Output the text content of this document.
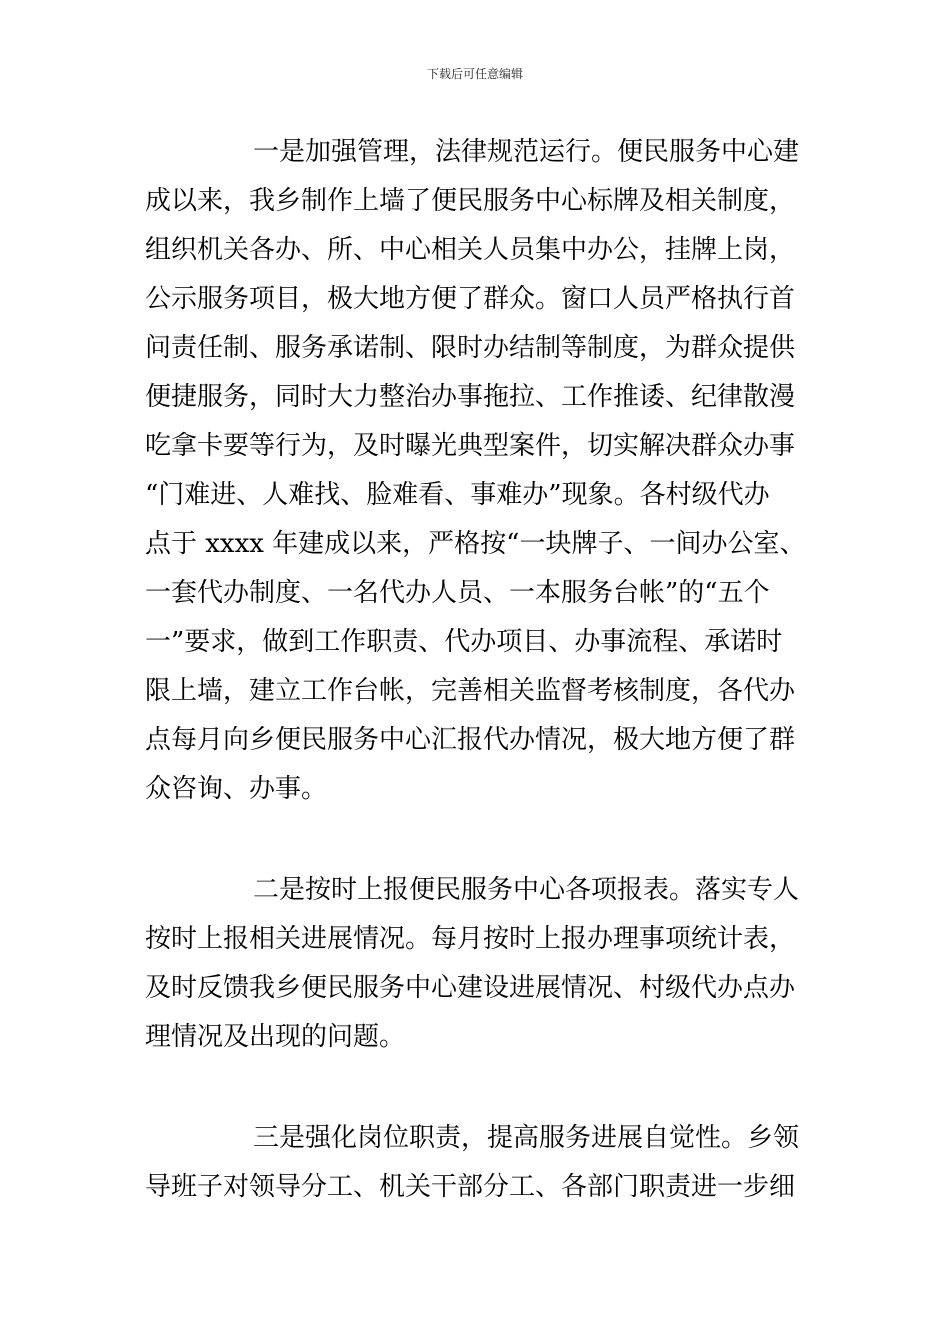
下载后可任意编辑
一是加强管理，法律规范运行。便民服务中心建
成以来，我乡制作上墙了便民服务中心标牌及相关制度，
组织机关各办、所、中心相关人员集中办公，挂牌上岗，
公示服务项目，极大地方便了群众。窗口人员严格执行首
问责任制、服务承诺制、限时办结制等制度，为群众提供
便捷服务，同时大力整治办事拖拉、工作推诿、纪律散漫
吃拿卡要等行为，及时曝光典型案件，切实解决群众办事
“门难进、人难找、脸难看、事难办”现象。各村级代办
点于 xxxx 年建成以来，严格按“一块牌子、一间办公室、
一套代办制度、一名代办人员、一本服务台帐”的“五个
一”要求，做到工作职责、代办项目、办事流程、承诺时
限上墙，建立工作台帐，完善相关监督考核制度，各代办
点每月向乡便民服务中心汇报代办情况，极大地方便了群
众咨询、办事。
二是按时上报便民服务中心各项报表。落实专人
按时上报相关进展情况。每月按时上报办理事项统计表，
及时反馈我乡便民服务中心建设进展情况、村级代办点办
理情况及出现的问题。
三是强化岗位职责，提高服务进展自觉性。乡领
导班子对领导分工、机关干部分工、各部门职责进一步细
